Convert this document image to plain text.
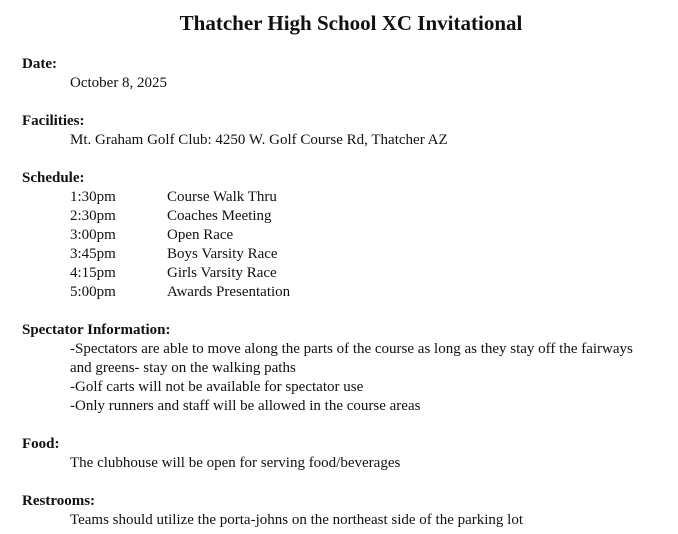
Thatcher High School XC Invitational
Date:
October 8, 2025
Facilities:
Mt. Graham Golf Club: 4250 W. Golf Course Rd, Thatcher AZ
Schedule:
1:30pm	Course Walk Thru
2:30pm	Coaches Meeting
3:00pm	Open Race
3:45pm	Boys Varsity Race
4:15pm	Girls Varsity Race
5:00pm	Awards Presentation
Spectator Information:
-Spectators are able to move along the parts of the course as long as they stay off the fairways
and greens- stay on the walking paths
-Golf carts will not be available for spectator use
-Only runners and staff will be allowed in the course areas
Food:
The clubhouse will be open for serving food/beverages
Restrooms:
Teams should utilize the porta-johns on the northeast side of the parking lot
